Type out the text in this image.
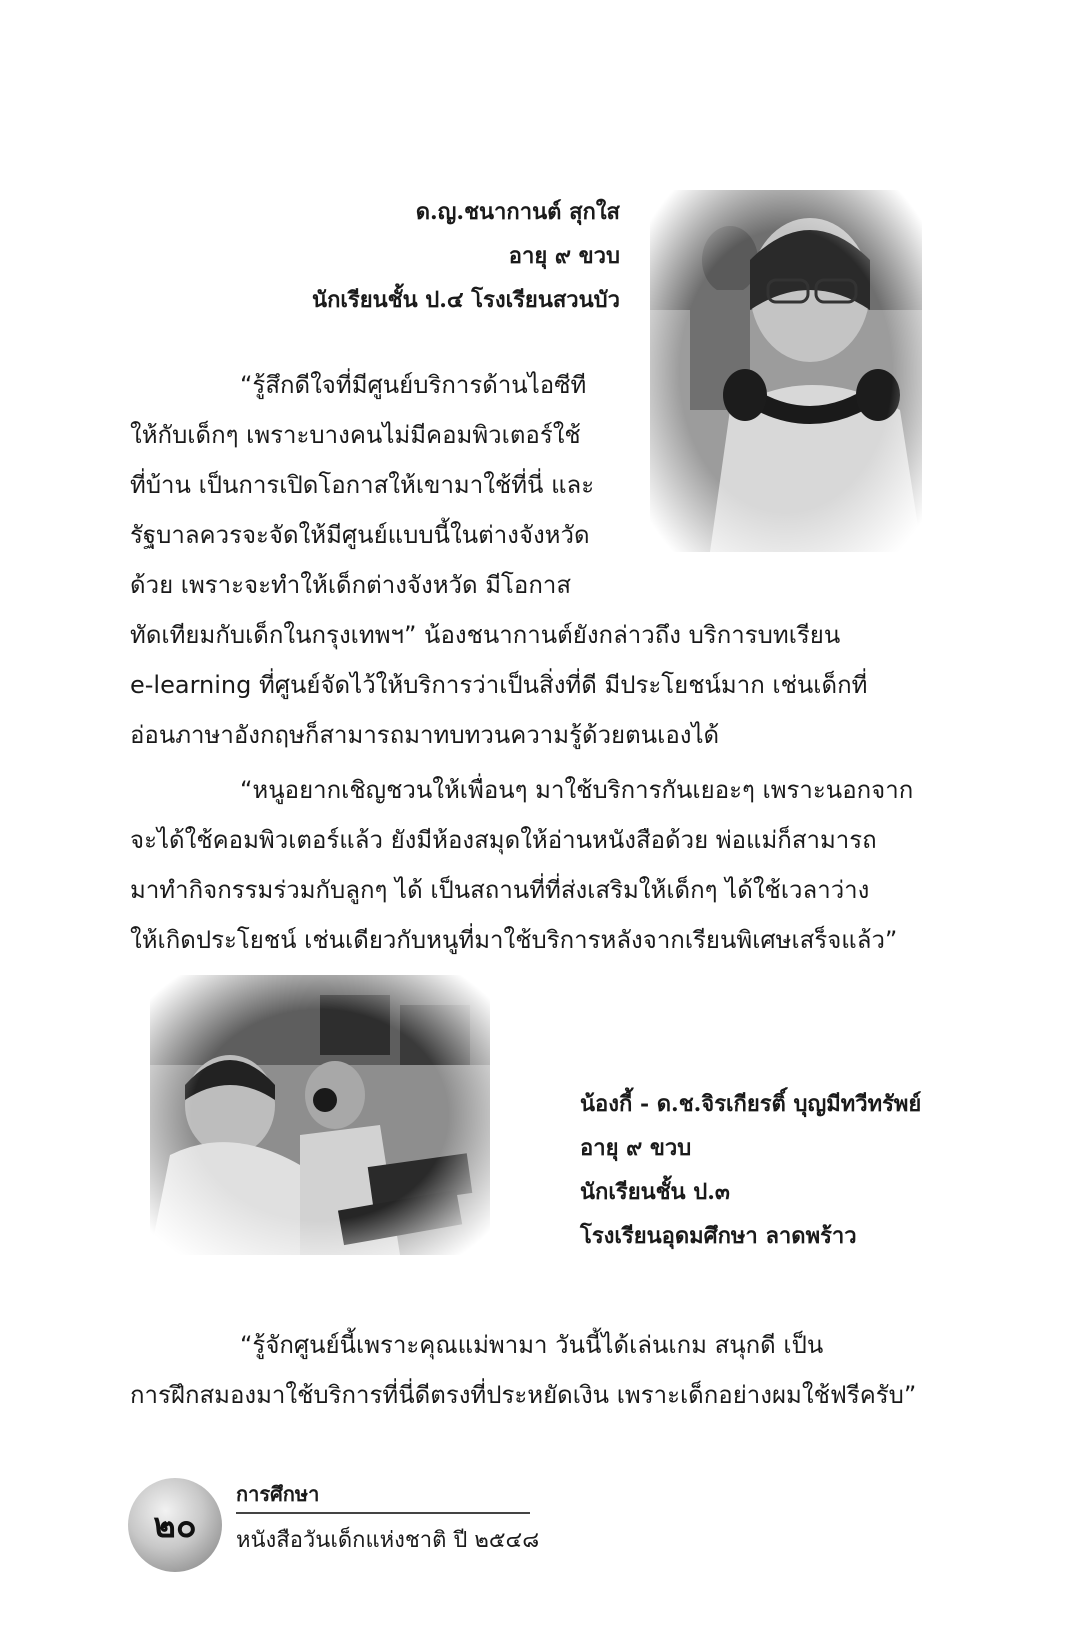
ด.ญ.ชนากานต์ สุกใส
อายุ ๙ ขวบ
นักเรียนชั้น ป.๔ โรงเรียนสวนบัว
“รู้สึกดีใจที่มีศูนย์บริการด้านไอซีที
ให้กับเด็กๆ เพราะบางคนไม่มีคอมพิวเตอร์ใช้
ที่บ้าน เป็นการเปิดโอกาสให้เขามาใช้ที่นี่ และ
รัฐบาลควรจะจัดให้มีศูนย์แบบนี้ในต่างจังหวัด
ด้วย เพราะจะทำให้เด็กต่างจังหวัด มีโอกาส
ทัดเทียมกับเด็กในกรุงเทพฯ” น้องชนากานต์ยังกล่าวถึง บริการบทเรียน
e-learning ที่ศูนย์จัดไว้ให้บริการว่าเป็นสิ่งที่ดี มีประโยชน์มาก เช่นเด็กที่
อ่อนภาษาอังกฤษก็สามารถมาทบทวนความรู้ด้วยตนเองได้
“หนูอยากเชิญชวนให้เพื่อนๆ มาใช้บริการกันเยอะๆ เพราะนอกจาก
จะได้ใช้คอมพิวเตอร์แล้ว ยังมีห้องสมุดให้อ่านหนังสือด้วย พ่อแม่ก็สามารถ
มาทำกิจกรรมร่วมกับลูกๆ ได้ เป็นสถานที่ที่ส่งเสริมให้เด็กๆ ได้ใช้เวลาว่าง
ให้เกิดประโยชน์ เช่นเดียวกับหนูที่มาใช้บริการหลังจากเรียนพิเศษเสร็จแล้ว”
น้องกี้ - ด.ช.จิรเกียรติ์ บุญมีทวีทรัพย์
อายุ ๙ ขวบ
นักเรียนชั้น ป.๓
โรงเรียนอุดมศึกษา ลาดพร้าว
“รู้จักศูนย์นี้เพราะคุณแม่พามา วันนี้ได้เล่นเกม สนุกดี เป็น
การฝึกสมองมาใช้บริการที่นี่ดีตรงที่ประหยัดเงิน เพราะเด็กอย่างผมใช้ฟรีครับ”
๒๐
การศึกษา
หนังสือวันเด็กแห่งชาติ ปี ๒๕๔๘
